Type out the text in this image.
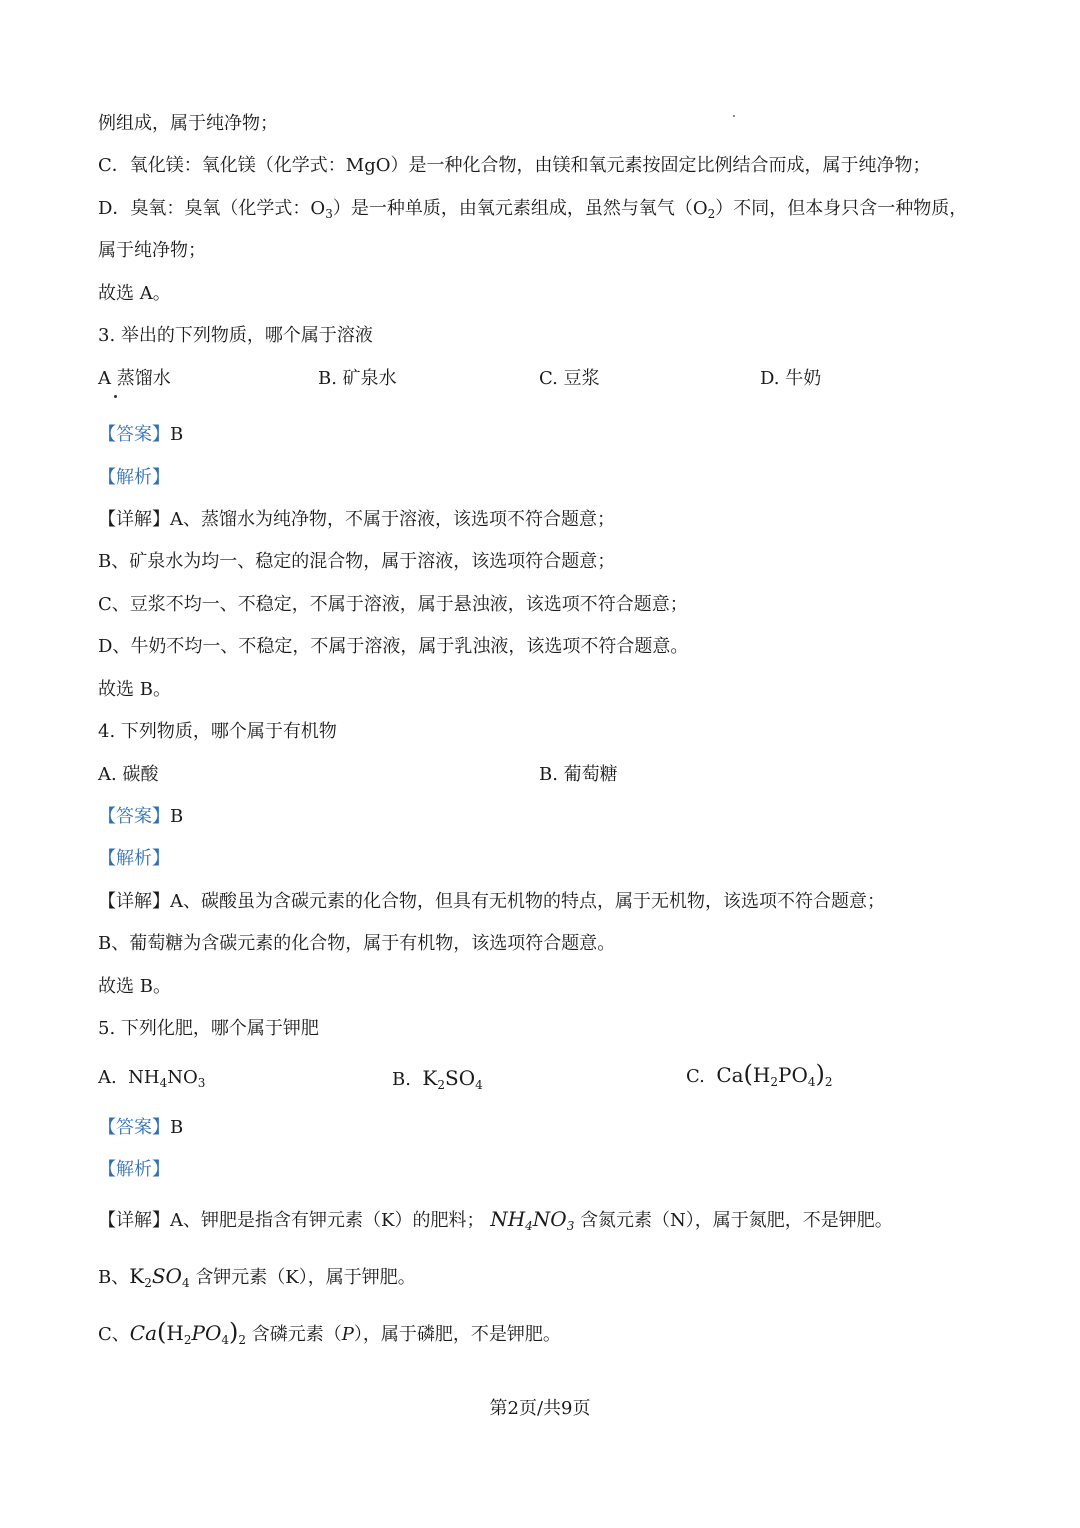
例组成，属于纯净物；
C．氧化镁：氧化镁（化学式：MgO）是一种化合物，由镁和氧元素按固定比例结合而成，属于纯净物；
D．臭氧：臭氧（化学式：$O_3$）是一种单质，由氧元素组成，虽然与氧气$(O_2)$不同，但本身只含一种物质，
属于纯净物；
故选 A。
3. 举出的下列物质，哪个属于溶液
A 蒸馏水	B. 矿泉水	C. 豆浆	D. 牛奶
【答案】B
【解析】
【详解】A、蒸馏水为纯净物，不属于溶液，该选项不符合题意；
B、矿泉水为均一、稳定的混合物，属于溶液，该选项符合题意；
C、豆浆不均一、不稳定，不属于溶液，属于悬浊液，该选项不符合题意；
D、牛奶不均一、不稳定，不属于溶液，属于乳浊液，该选项不符合题意。
故选 B。
4. 下列物质，哪个属于有机物
A. 碳酸	B. 葡萄糖
【答案】B
【解析】
【详解】A、碳酸虽为含碳元素的化合物，但具有无机物的特点，属于无机物，该选项不符合题意；
B、葡萄糖为含碳元素的化合物，属于有机物，该选项符合题意。
故选 B。
5. 下列化肥，哪个属于钾肥
A.  $NH_4NO_3$	B. $K_2SO_4$	C. $Ca(H_2PO_4)_2$
【答案】B
【解析】
【详解】A、钾肥是指含有钾元素（K）的肥料； $NH_4NO_3$ 含氮元素（N），属于氮肥，不是钾肥。
B、$K_2SO_4$ 含钾元素（K），属于钾肥。
C、$Ca(H_2PO_4)_2$ 含磷元素（P），属于磷肥，不是钾肥。
第2页/共9页
